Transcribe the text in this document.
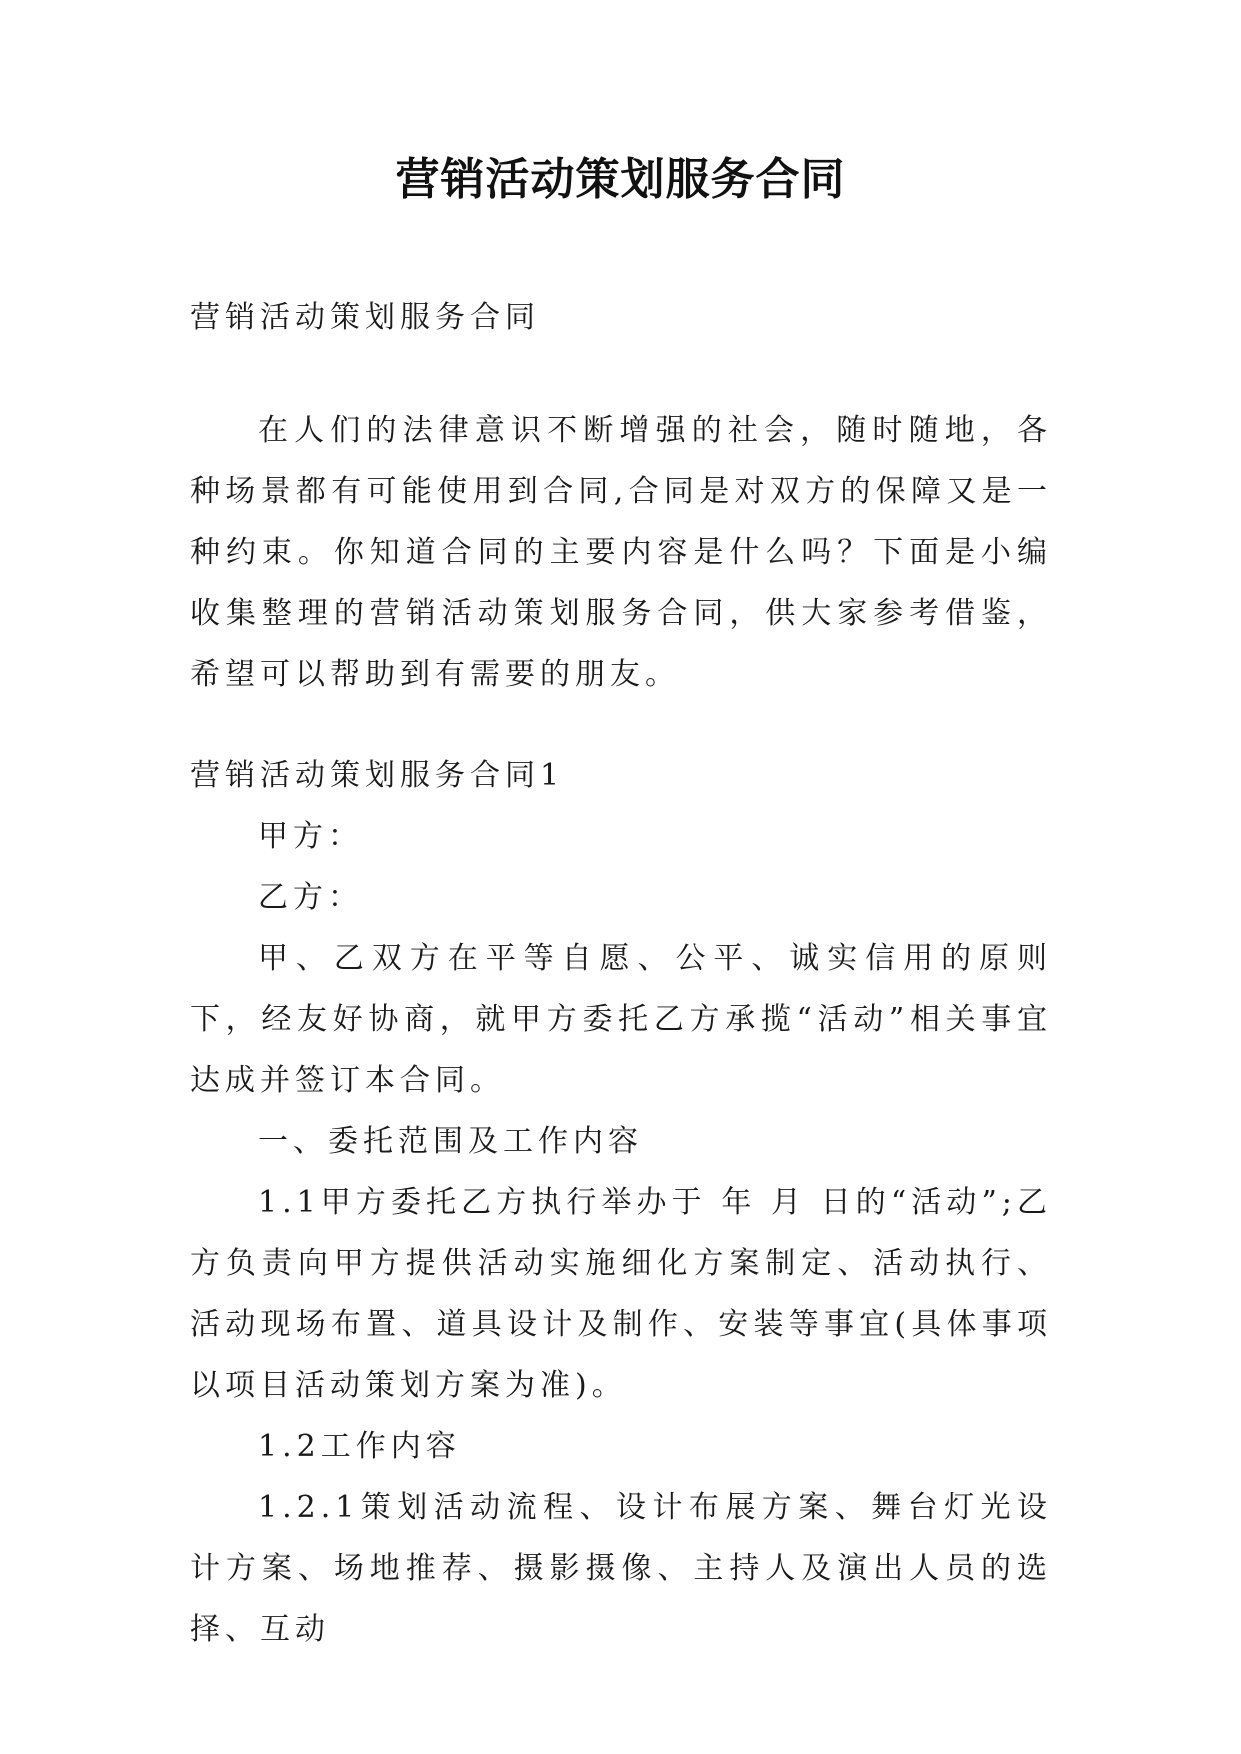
营销活动策划服务合同
营销活动策划服务合同

在人们的法律意识不断增强的社会，随时随地，各种场景都有可能使用到合同,合同是对双方的保障又是一种约束。你知道合同的主要内容是什么吗？下面是小编收集整理的营销活动策划服务合同，供大家参考借鉴，希望可以帮助到有需要的朋友。

营销活动策划服务合同1

甲方：

乙方：

甲、乙双方在平等自愿、公平、诚实信用的原则下，经友好协商，就甲方委托乙方承揽“活动”相关事宜达成并签订本合同。

一、委托范围及工作内容

1.1甲方委托乙方执行举办于 年 月 日的“活动”;乙方负责向甲方提供活动实施细化方案制定、活动执行、活动现场布置、道具设计及制作、安装等事宜(具体事项以项目活动策划方案为准)。

1.2工作内容

1.2.1策划活动流程、设计布展方案、舞台灯光设计方案、场地推荐、摄影摄像、主持人及演出人员的选择、互动
